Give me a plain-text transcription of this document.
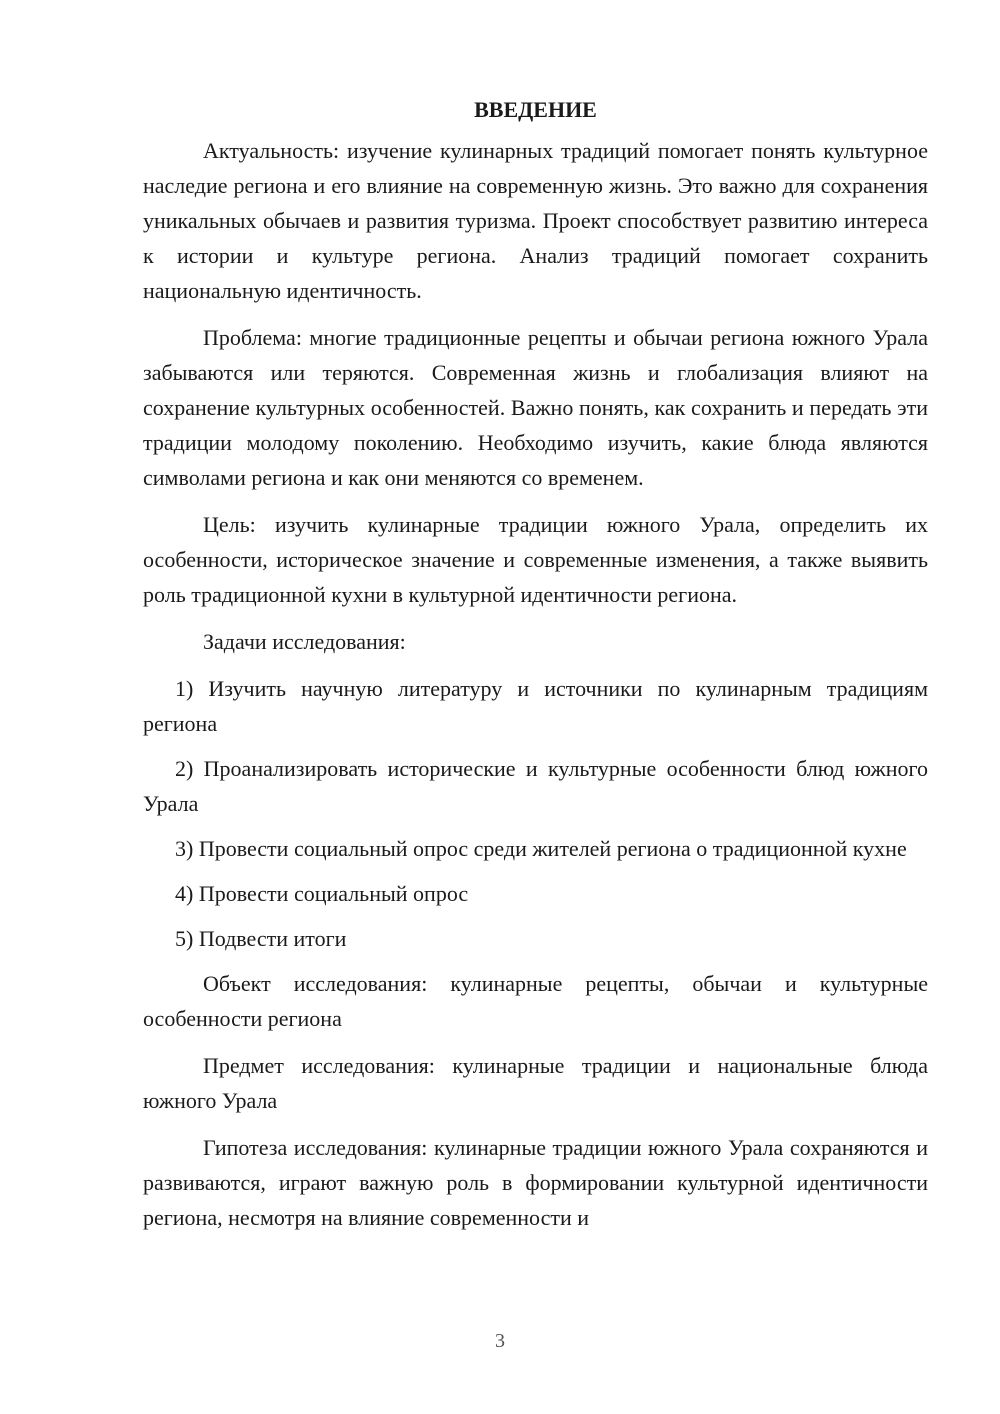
ВВЕДЕНИЕ

Актуальность: изучение кулинарных традиций помогает понять культурное наследие региона и его влияние на современную жизнь. Это важно для сохранения уникальных обычаев и развития туризма. Проект способствует развитию интереса к истории и культуре региона. Анализ традиций помогает сохранить национальную идентичность.

Проблема: многие традиционные рецепты и обычаи региона южного Урала забываются или теряются. Современная жизнь и глобализация влияют на сохранение культурных особенностей. Важно понять, как сохранить и передать эти традиции молодому поколению. Необходимо изучить, какие блюда являются символами региона и как они меняются со временем.

Цель: изучить кулинарные традиции южного Урала, определить их особенности, историческое значение и современные изменения, а также выявить роль традиционной кухни в культурной идентичности региона.

Задачи исследования:

1) Изучить научную литературу и источники по кулинарным традициям региона

2) Проанализировать исторические и культурные особенности блюд южного Урала

3) Провести социальный опрос среди жителей региона о традиционной кухне

4) Провести социальный опрос

5) Подвести итоги

Объект исследования: кулинарные рецепты, обычаи и культурные особенности региона

Предмет исследования: кулинарные традиции и национальные блюда южного Урала

Гипотеза исследования: кулинарные традиции южного Урала сохраняются и развиваются, играют важную роль в формировании культурной идентичности региона, несмотря на влияние современности и

3
